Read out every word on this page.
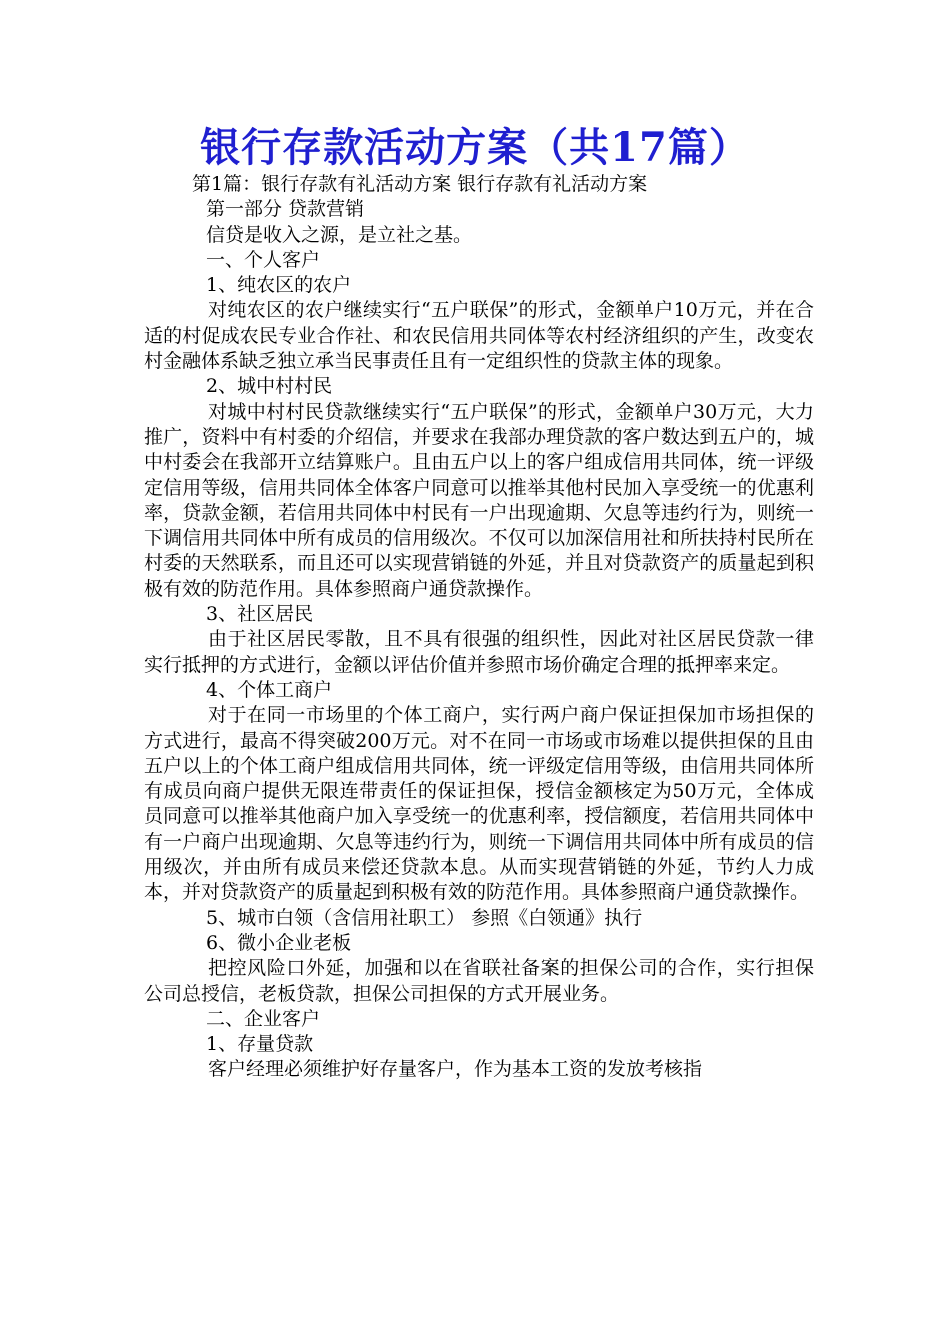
银行存款活动方案（共17篇）

第1篇：银行存款有礼活动方案 银行存款有礼活动方案

第一部分 贷款营销

信贷是收入之源，是立社之基。

一、个人客户

1、纯农区的农户

对纯农区的农户继续实行“五户联保”的形式，金额单户10万元，并在合适的村促成农民专业合作社、和农民信用共同体等农村经济组织的产生，改变农村金融体系缺乏独立承当民事责任且有一定组织性的贷款主体的现象。

2、城中村村民

对城中村村民贷款继续实行“五户联保”的形式，金额单户30万元，大力推广，资料中有村委的介绍信，并要求在我部办理贷款的客户数达到五户的，城中村委会在我部开立结算账户。且由五户以上的客户组成信用共同体，统一评级定信用等级，信用共同体全体客户同意可以推举其他村民加入享受统一的优惠利率，贷款金额，若信用共同体中村民有一户出现逾期、欠息等违约行为，则统一下调信用共同体中所有成员的信用级次。不仅可以加深信用社和所扶持村民所在村委的天然联系，而且还可以实现营销链的外延，并且对贷款资产的质量起到积极有效的防范作用。具体参照商户通贷款操作。

3、社区居民

由于社区居民零散，且不具有很强的组织性，因此对社区居民贷款一律实行抵押的方式进行，金额以评估价值并参照市场价确定合理的抵押率来定。

4、个体工商户

对于在同一市场里的个体工商户，实行两户商户保证担保加市场担保的方式进行，最高不得突破200万元。对不在同一市场或市场难以提供担保的且由五户以上的个体工商户组成信用共同体，统一评级定信用等级，由信用共同体所有成员向商户提供无限连带责任的保证担保，授信金额核定为50万元，全体成员同意可以推举其他商户加入享受统一的优惠利率，授信额度，若信用共同体中有一户商户出现逾期、欠息等违约行为，则统一下调信用共同体中所有成员的信用级次，并由所有成员来偿还贷款本息。从而实现营销链的外延，节约人力成本，并对贷款资产的质量起到积极有效的防范作用。具体参照商户通贷款操作。

5、城市白领（含信用社职工） 参照《白领通》执行

6、微小企业老板

把控风险口外延，加强和以在省联社备案的担保公司的合作，实行担保公司总授信，老板贷款，担保公司担保的方式开展业务。

二、企业客户

1、存量贷款

客户经理必须维护好存量客户，作为基本工资的发放考核指
